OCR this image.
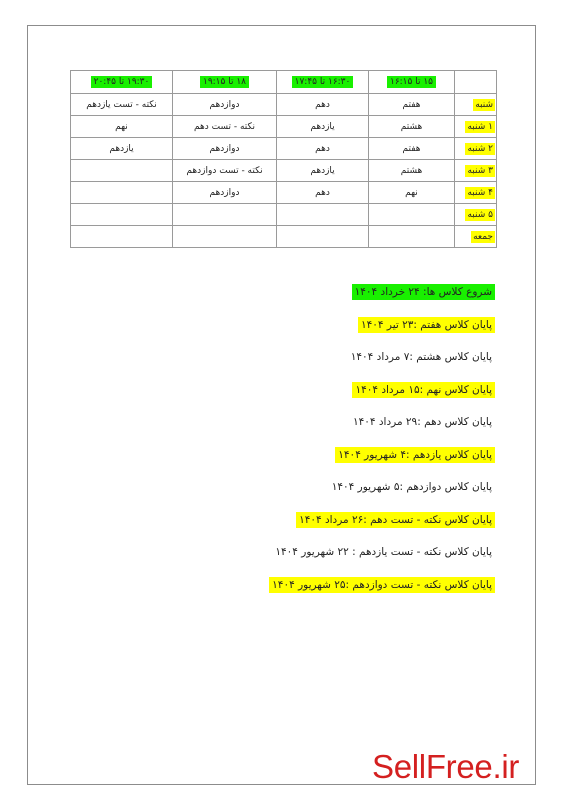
	۱۵ تا ۱۶:۱۵	۱۶:۳۰ تا ۱۷:۴۵	۱۸ تا ۱۹:۱۵	۱۹:۳۰ تا ۲۰:۴۵
شنبه	هفتم	دهم	دوازدهم	نکته - تست یازدهم
۱ شنبه	هشتم	یازدهم	نکته - تست دهم	نهم
۲ شنبه	هفتم	دهم	دوازدهم	یازدهم
۳ شنبه	هشتم	یازدهم	نکته - تست دوازدهم	
۴ شنبه	نهم	دهم	دوازدهم	
۵ شنبه				
جمعه				
شروع کلاس ها: ۲۴ خرداد ۱۴۰۴
پایان کلاس هفتم :۲۳ تیر ۱۴۰۴
پایان کلاس هشتم :۷ مرداد ۱۴۰۴
پایان کلاس نهم :۱۵ مرداد ۱۴۰۴
پایان کلاس دهم :۲۹ مرداد ۱۴۰۴
پایان کلاس یازدهم :۴ شهریور ۱۴۰۴
پایان کلاس دوازدهم :۵ شهریور ۱۴۰۴
پایان کلاس نکته - تست دهم :۲۶ مرداد ۱۴۰۴
پایان کلاس نکته - تست یازدهم : ۲۲ شهریور ۱۴۰۴
پایان کلاس نکته - تست دوازدهم :۲۵ شهریور ۱۴۰۴
SellFree.ir
